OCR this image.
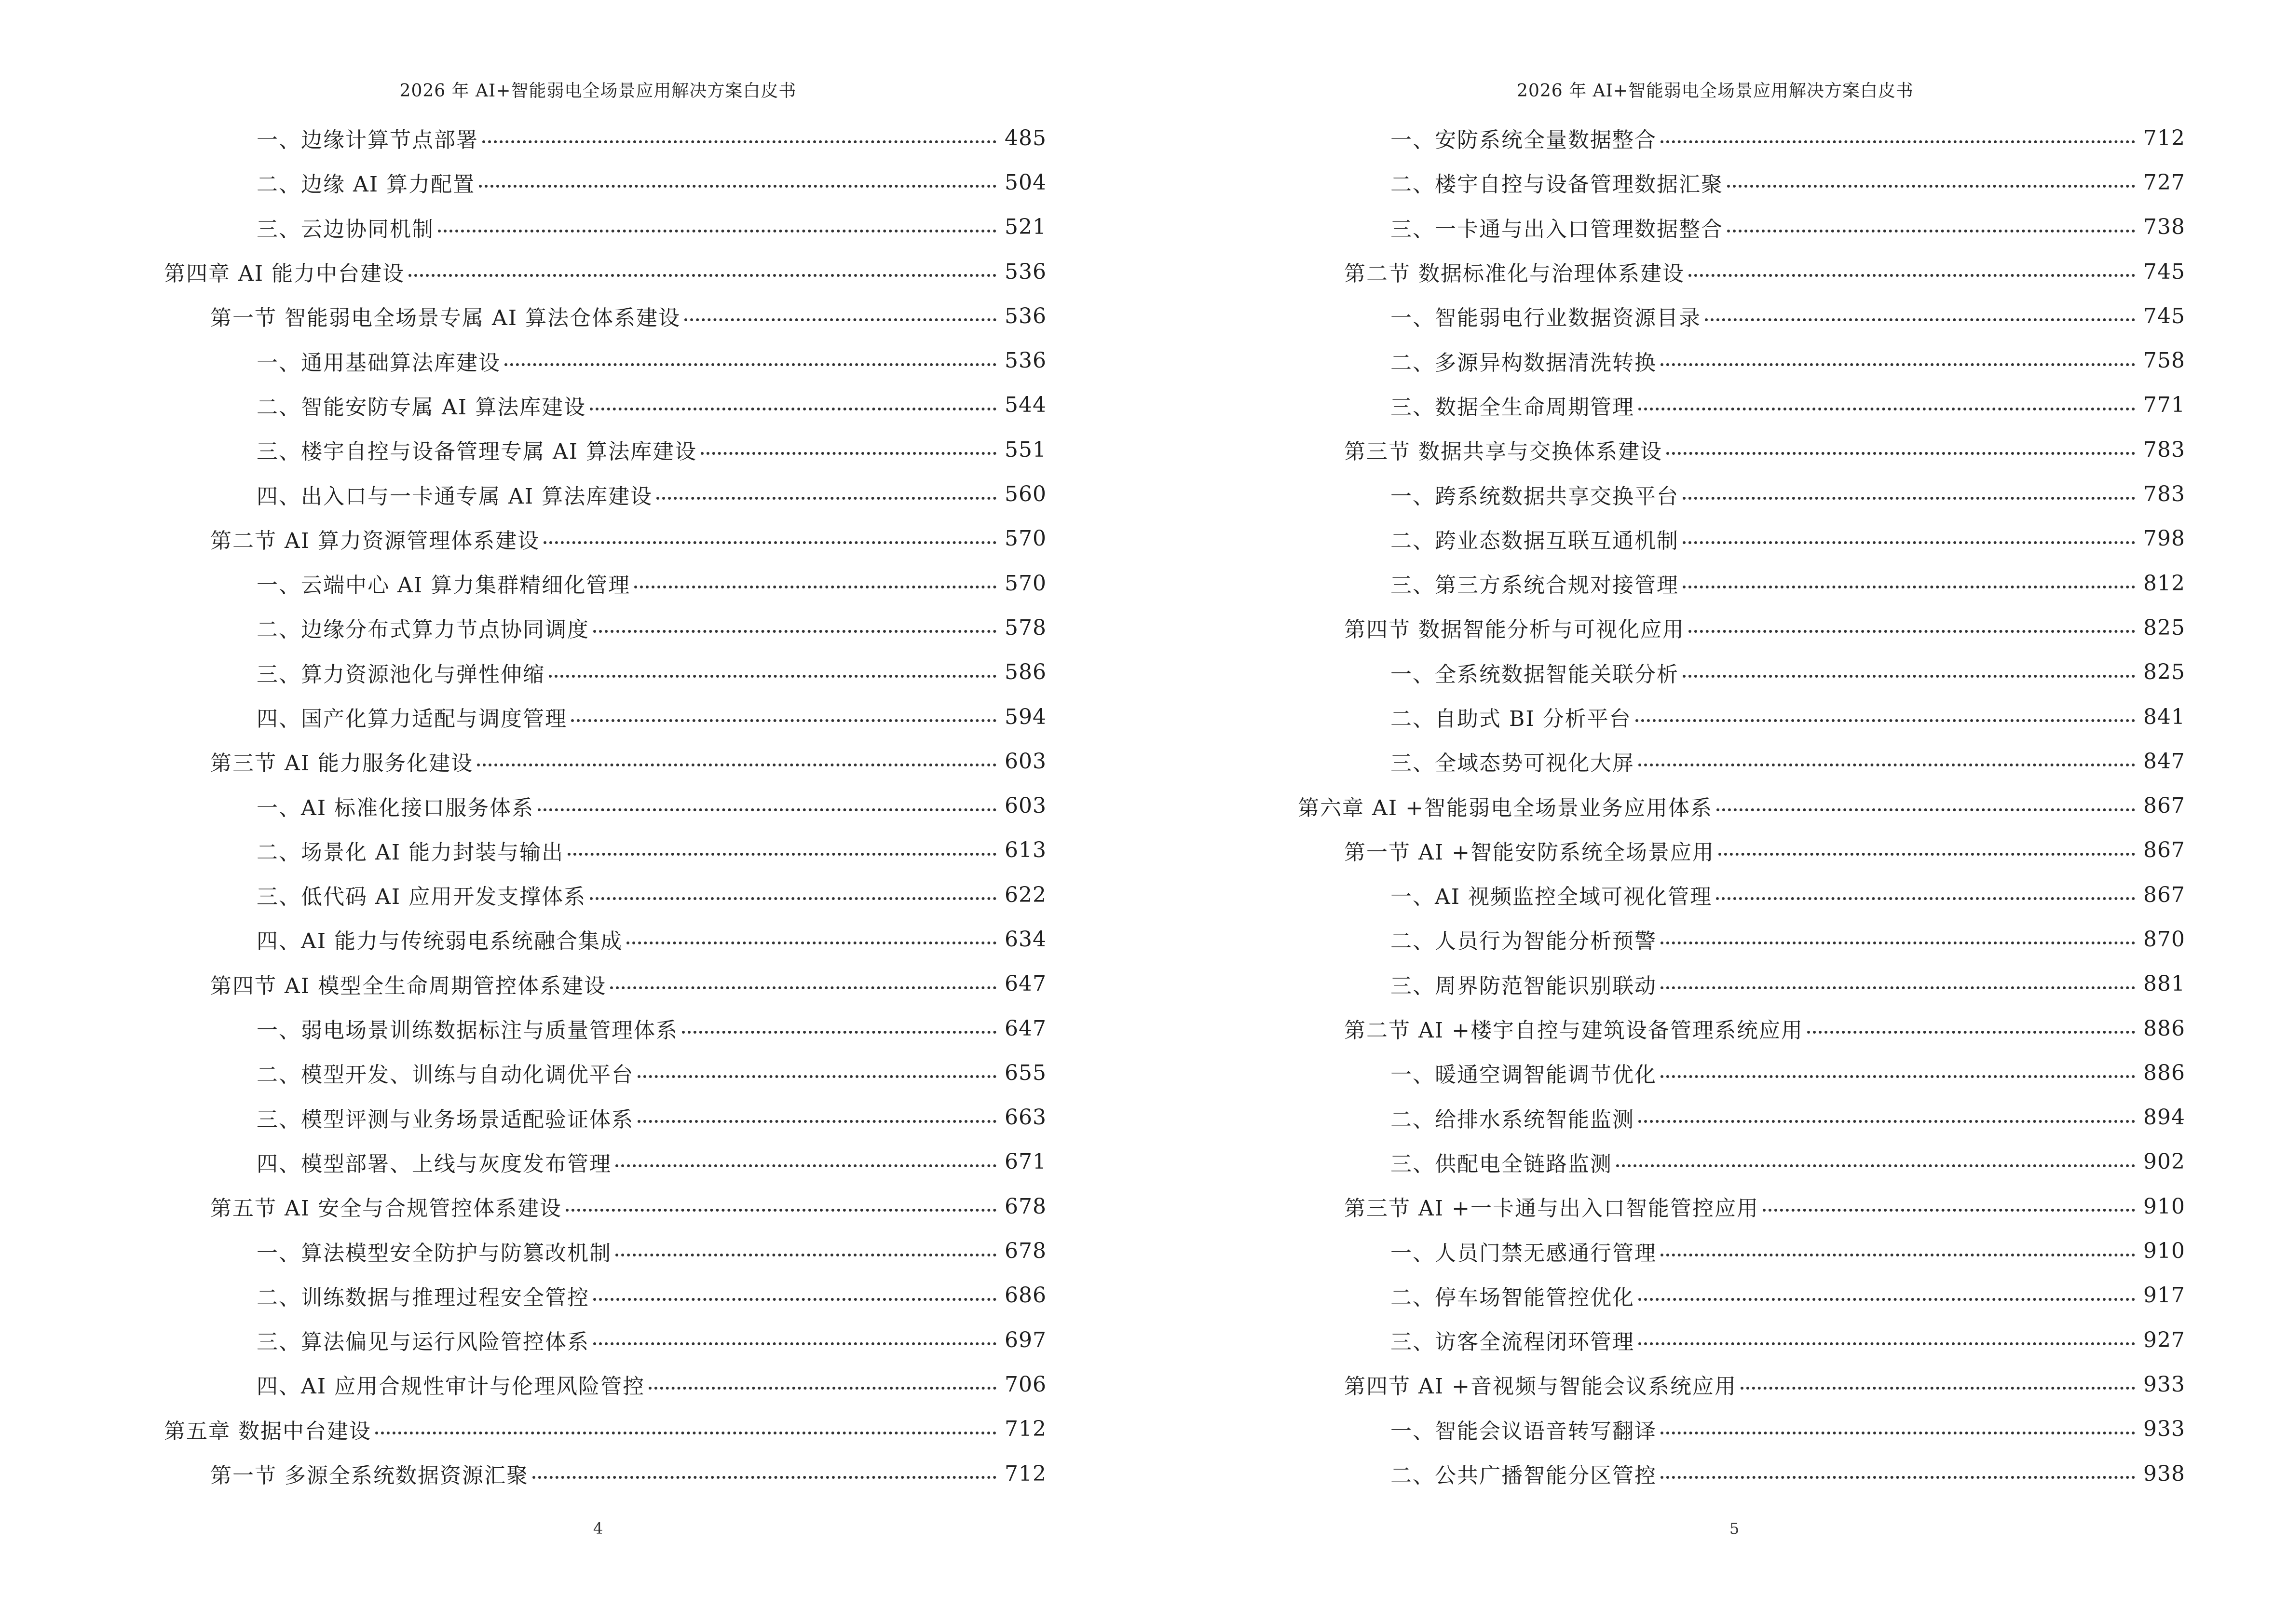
2026 年 AI+智能弱电全场景应用解决方案白皮书
一、边缘计算节点部署	485
二、边缘 AI 算力配置	504
三、云边协同机制	521
第四章 AI 能力中台建设	536
第一节 智能弱电全场景专属 AI 算法仓体系建设	536
一、通用基础算法库建设	536
二、智能安防专属 AI 算法库建设	544
三、楼宇自控与设备管理专属 AI 算法库建设	551
四、出入口与一卡通专属 AI 算法库建设	560
第二节 AI 算力资源管理体系建设	570
一、云端中心 AI 算力集群精细化管理	570
二、边缘分布式算力节点协同调度	578
三、算力资源池化与弹性伸缩	586
四、国产化算力适配与调度管理	594
第三节 AI 能力服务化建设	603
一、AI 标准化接口服务体系	603
二、场景化 AI 能力封装与输出	613
三、低代码 AI 应用开发支撑体系	622
四、AI 能力与传统弱电系统融合集成	634
第四节 AI 模型全生命周期管控体系建设	647
一、弱电场景训练数据标注与质量管理体系	647
二、模型开发、训练与自动化调优平台	655
三、模型评测与业务场景适配验证体系	663
四、模型部署、上线与灰度发布管理	671
第五节 AI 安全与合规管控体系建设	678
一、算法模型安全防护与防篡改机制	678
二、训练数据与推理过程安全管控	686
三、算法偏见与运行风险管控体系	697
四、AI 应用合规性审计与伦理风险管控	706
第五章 数据中台建设	712
第一节 多源全系统数据资源汇聚	712
4
2026 年 AI+智能弱电全场景应用解决方案白皮书
一、安防系统全量数据整合	712
二、楼宇自控与设备管理数据汇聚	727
三、一卡通与出入口管理数据整合	738
第二节 数据标准化与治理体系建设	745
一、智能弱电行业数据资源目录	745
二、多源异构数据清洗转换	758
三、数据全生命周期管理	771
第三节 数据共享与交换体系建设	783
一、跨系统数据共享交换平台	783
二、跨业态数据互联互通机制	798
三、第三方系统合规对接管理	812
第四节 数据智能分析与可视化应用	825
一、全系统数据智能关联分析	825
二、自助式 BI 分析平台	841
三、全域态势可视化大屏	847
第六章 AI +智能弱电全场景业务应用体系	867
第一节 AI +智能安防系统全场景应用	867
一、AI 视频监控全域可视化管理	867
二、人员行为智能分析预警	870
三、周界防范智能识别联动	881
第二节 AI +楼宇自控与建筑设备管理系统应用	886
一、暖通空调智能调节优化	886
二、给排水系统智能监测	894
三、供配电全链路监测	902
第三节 AI +一卡通与出入口智能管控应用	910
一、人员门禁无感通行管理	910
二、停车场智能管控优化	917
三、访客全流程闭环管理	927
第四节 AI +音视频与智能会议系统应用	933
一、智能会议语音转写翻译	933
二、公共广播智能分区管控	938
5
